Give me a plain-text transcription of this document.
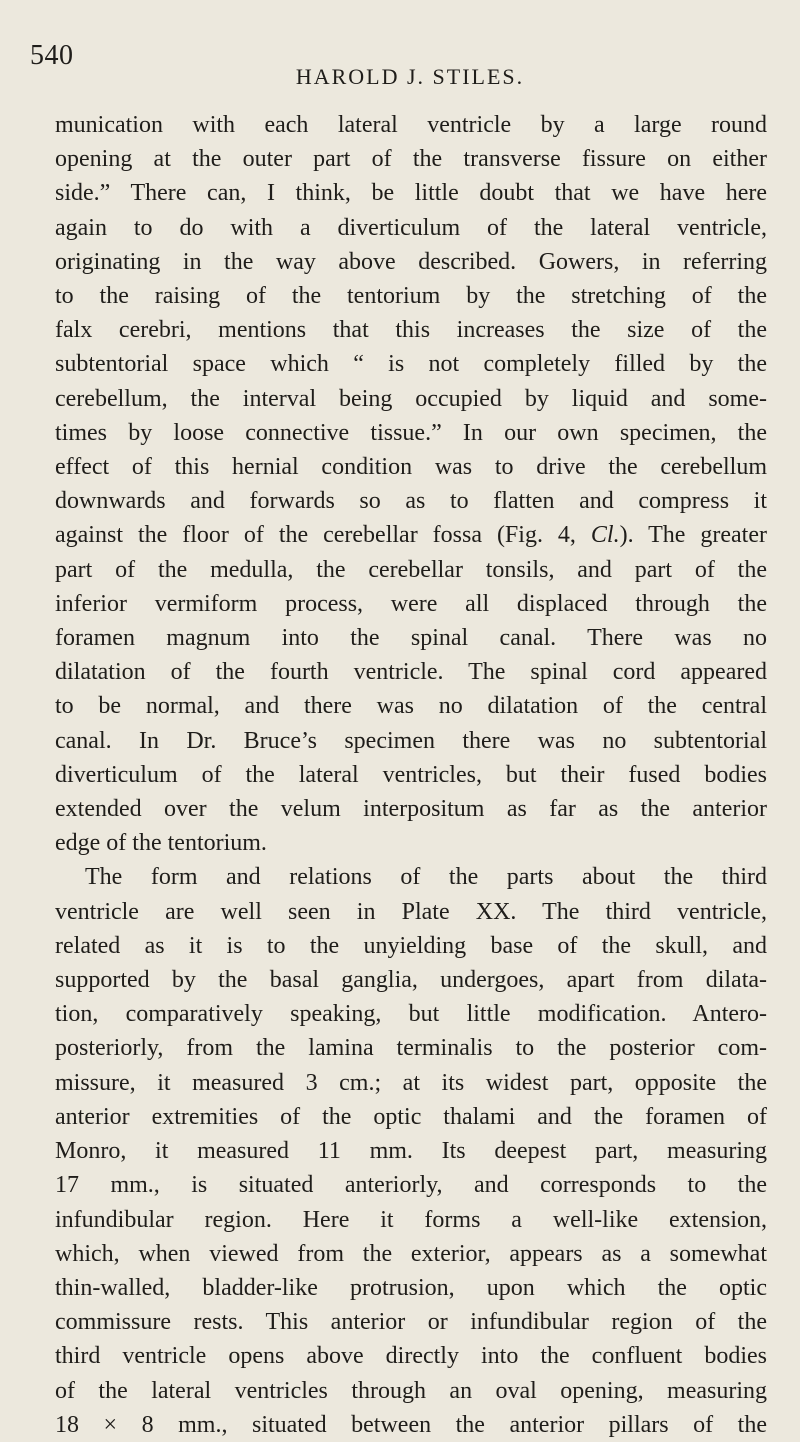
540
HAROLD J. STILES.
munication with each lateral ventricle by a large round
opening at the outer part of the transverse fissure on either
side.” There can, I think, be little doubt that we have here
again to do with a diverticulum of the lateral ventricle,
originating in the way above described. Gowers, in referring
to the raising of the tentorium by the stretching of the
falx cerebri, mentions that this increases the size of the
subtentorial space which “ is not completely filled by the
cerebellum, the interval being occupied by liquid and some-
times by loose connective tissue.” In our own specimen, the
effect of this hernial condition was to drive the cerebellum
downwards and forwards so as to flatten and compress it
against the floor of the cerebellar fossa (Fig. 4, Cl.). The greater
part of the medulla, the cerebellar tonsils, and part of the
inferior vermiform process, were all displaced through the
foramen magnum into the spinal canal. There was no
dilatation of the fourth ventricle. The spinal cord appeared
to be normal, and there was no dilatation of the central
canal. In Dr. Bruce’s specimen there was no subtentorial
diverticulum of the lateral ventricles, but their fused bodies
extended over the velum interpositum as far as the anterior
edge of the tentorium.
The form and relations of the parts about the third
ventricle are well seen in Plate XX. The third ventricle,
related as it is to the unyielding base of the skull, and
supported by the basal ganglia, undergoes, apart from dilata-
tion, comparatively speaking, but little modification. Antero-
posteriorly, from the lamina terminalis to the posterior com-
missure, it measured 3 cm.; at its widest part, opposite the
anterior extremities of the optic thalami and the foramen of
Monro, it measured 11 mm. Its deepest part, measuring
17 mm., is situated anteriorly, and corresponds to the
infundibular region. Here it forms a well-like extension,
which, when viewed from the exterior, appears as a somewhat
thin-walled, bladder-like protrusion, upon which the optic
commissure rests. This anterior or infundibular region of the
third ventricle opens above directly into the confluent bodies
of the lateral ventricles through an oval opening, measuring
18 × 8 mm., situated between the anterior pillars of the
